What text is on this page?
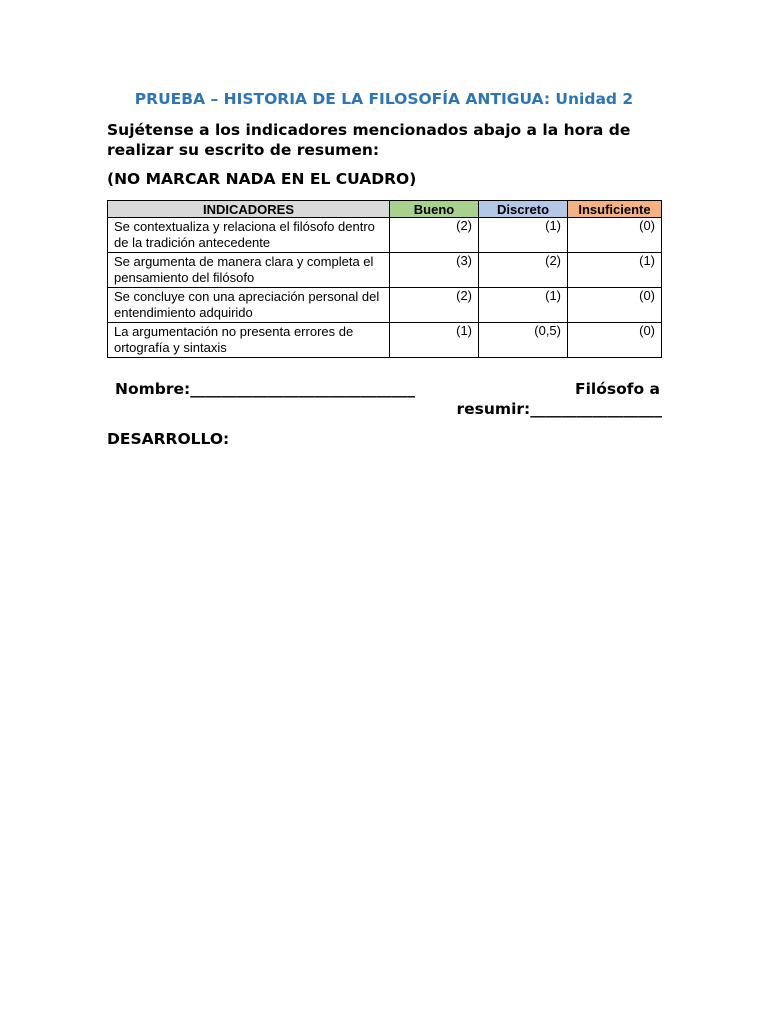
PRUEBA – HISTORIA DE LA FILOSOFÍA ANTIGUA: Unidad 2
Sujétense a los indicadores mencionados abajo a la hora de realizar su escrito de resumen:
(NO MARCAR NADA EN EL CUADRO)
INDICADORES	Bueno	Discreto	Insuficiente
Se contextualiza y relaciona el filósofo dentro de la tradición antecedente	(2)	(1)	(0)
Se argumenta de manera clara y completa el pensamiento del filósofo	(3)	(2)	(1)
Se concluye con una apreciación personal del entendimiento adquirido	(2)	(1)	(0)
La argumentación no presenta errores de ortografía y sintaxis	(1)	(0,5)	(0)
Nombre:_____________________________	Filósofo a
resumir:_________________
DESARROLLO:
